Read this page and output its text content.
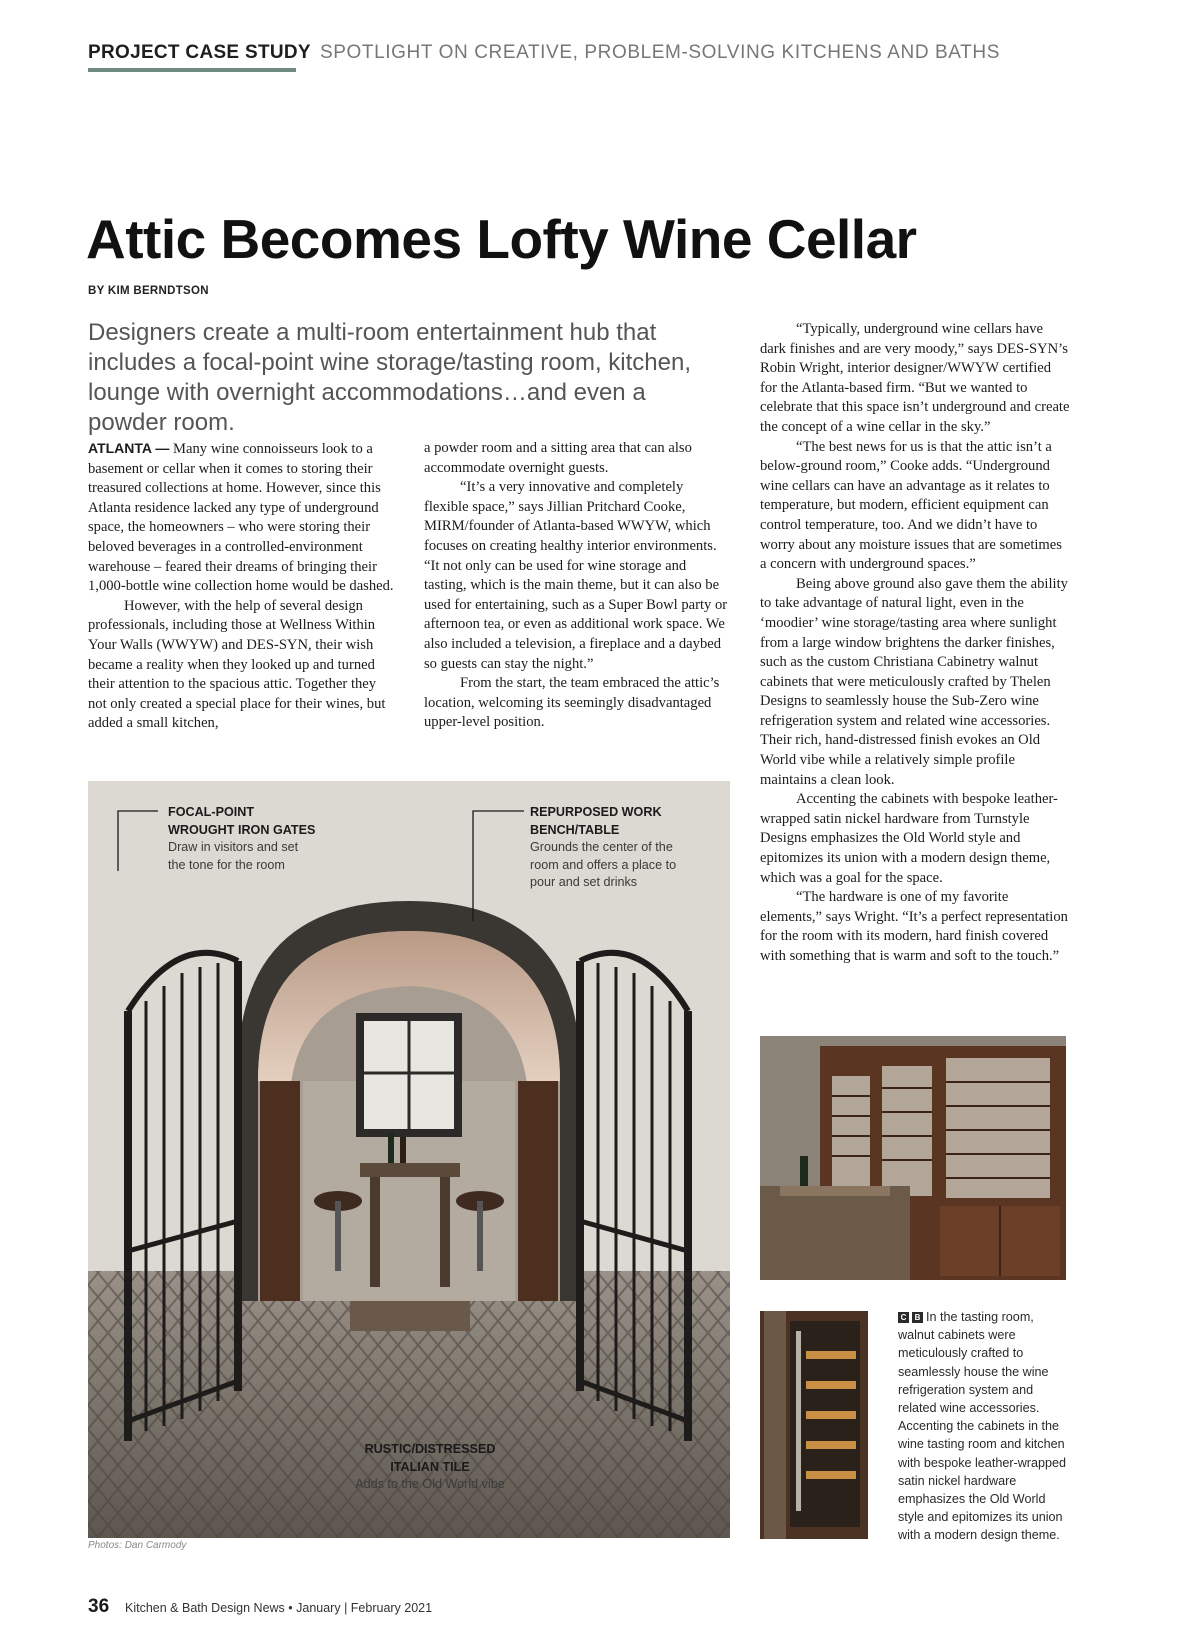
PROJECT CASE STUDY SPOTLIGHT ON CREATIVE, PROBLEM-SOLVING KITCHENS AND BATHS
Attic Becomes Lofty Wine Cellar
BY KIM BERNDTSON
Designers create a multi-room entertainment hub that includes a focal-point wine storage/tasting room, kitchen, lounge with overnight accommodations…and even a powder room.

ATLANTA — Many wine connoisseurs look to a basement or cellar when it comes to storing their treasured collections at home. However, since this Atlanta residence lacked any type of underground space, the homeowners – who were storing their beloved beverages in a controlled-environment warehouse – feared their dreams of bringing their 1,000-bottle wine collection home would be dashed.

However, with the help of several design professionals, including those at Wellness Within Your Walls (WWYW) and DES-SYN, their wish became a reality when they looked up and turned their attention to the spacious attic. Together they not only created a special place for their wines, but added a small kitchen,

a powder room and a sitting area that can also accommodate overnight guests.

“It’s a very innovative and completely flexible space,” says Jillian Pritchard Cooke, MIRM/founder of Atlanta-based WWYW, which focuses on creating healthy interior environments. “It not only can be used for wine storage and tasting, which is the main theme, but it can also be used for entertaining, such as a Super Bowl party or afternoon tea, or even as additional work space. We also included a television, a fireplace and a daybed so guests can stay the night.”

From the start, the team embraced the attic’s location, welcoming its seemingly disadvantaged upper-level position.

“Typically, underground wine cellars have dark finishes and are very moody,” says DES-SYN’s Robin Wright, interior designer/WWYW certified for the Atlanta-based firm. “But we wanted to celebrate that this space isn’t underground and create the concept of a wine cellar in the sky.”

“The best news for us is that the attic isn’t a below-ground room,” Cooke adds. “Underground wine cellars can have an advantage as it relates to temperature, but modern, efficient equipment can control temperature, too. And we didn’t have to worry about any moisture issues that are sometimes a concern with underground spaces.”

Being above ground also gave them the ability to take advantage of natural light, even in the ‘moodier’ wine storage/tasting area where sunlight from a large window brightens the darker finishes, such as the custom Christiana Cabinetry walnut cabinets that were meticulously crafted by Thelen Designs to seamlessly house the Sub-Zero wine refrigeration system and related wine accessories. Their rich, hand-distressed finish evokes an Old World vibe while a relatively simple profile maintains a clean look.

Accenting the cabinets with bespoke leather-wrapped satin nickel hardware from Turnstyle Designs emphasizes the Old World style and epitomizes its union with a modern design theme, which was a goal for the space.

“The hardware is one of my favorite elements,” says Wright. “It’s a perfect representation for the room with its modern, hard finish covered with something that is warm and soft to the touch.”

FOCAL-POINT
WROUGHT IRON GATES
Draw in visitors and set
the tone for the room
REPURPOSED WORK
BENCH/TABLE
Grounds the center of the
room and offers a place to
pour and set drinks
RUSTIC/DISTRESSED
ITALIAN TILE
Adds to the Old World vibe
Photos: Dan Carmody
C B In the tasting room, walnut cabinets were meticulously crafted to seamlessly house the wine refrigeration system and related wine accessories. Accenting the cabinets in the wine tasting room and kitchen with bespoke leather-wrapped satin nickel hardware emphasizes the Old World style and epitomizes its union with a modern design theme.
36 Kitchen & Bath Design News • January | February 2021
